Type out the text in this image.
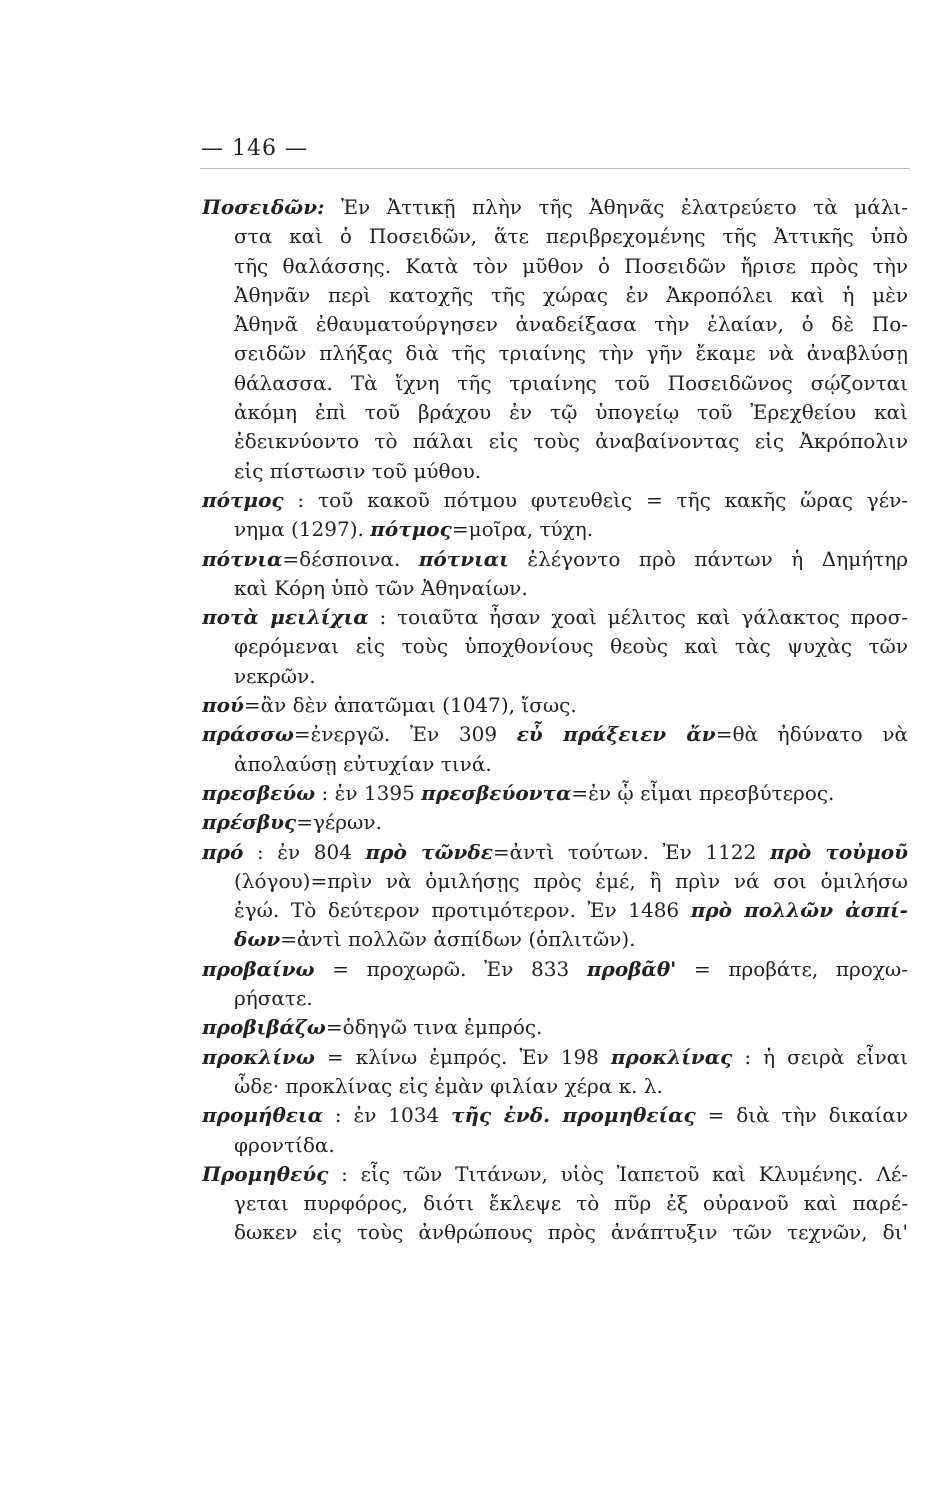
— 146 —
Ποσειδῶν: Ἐν Ἀττικῇ πλὴν τῆς Ἀθηνᾶς ἐλατρεύετο τὰ μάλι-
στα καὶ ὁ Ποσειδῶν, ἅτε περιβρεχομένης τῆς Ἀττικῆς ὑπὸ
τῆς θαλάσσης. Κατὰ τὸν μῦθον ὁ Ποσειδῶν ἤρισε πρὸς τὴν
Ἀθηνᾶν περὶ κατοχῆς τῆς χώρας ἐν Ἀκροπόλει καὶ ἡ μὲν
Ἀθηνᾶ ἐθαυματούργησεν ἀναδείξασα τὴν ἐλαίαν, ὁ δὲ Πο-
σειδῶν πλήξας διὰ τῆς τριαίνης τὴν γῆν ἔκαμε νὰ ἀναβλύσῃ
θάλασσα. Τὰ ἴχνη τῆς τριαίνης τοῦ Ποσειδῶνος σῴζονται
ἀκόμη ἐπὶ τοῦ βράχου ἐν τῷ ὑπογείῳ τοῦ Ἐρεχθείου καὶ
ἐδεικνύοντο τὸ πάλαι εἰς τοὺς ἀναβαίνοντας εἰς Ἀκρόπολιν
εἰς πίστωσιν τοῦ μύθου.
πότμος : τοῦ κακοῦ πότμου φυτευθεὶς = τῆς κακῆς ὥρας γέν-
νημα (1297). πότμος=μοῖρα, τύχη.
πότνια=δέσποινα. πότνιαι ἐλέγοντο πρὸ πάντων ἡ Δημήτηρ
καὶ Κόρη ὑπὸ τῶν Ἀθηναίων.
ποτὰ μειλίχια : τοιαῦτα ἦσαν χοαὶ μέλιτος καὶ γάλακτος προσ-
φερόμεναι εἰς τοὺς ὑποχθονίους θεοὺς καὶ τὰς ψυχὰς τῶν
νεκρῶν.
πού=ἂν δὲν ἀπατῶμαι (1047), ἴσως.
πράσσω=ἐνεργῶ. Ἐν 309 εὖ πράξειεν ἄν=θὰ ἠδύνατο νὰ
ἀπολαύσῃ εὐτυχίαν τινά.
πρεσβεύω : ἐν 1395 πρεσβεύοντα=ἐν ᾧ εἶμαι πρεσβύτερος.
πρέσβυς=γέρων.
πρό : ἐν 804 πρὸ τῶνδε=ἀντὶ τούτων. Ἐν 1122 πρὸ τοὐμοῦ
(λόγου)=πρὶν νὰ ὁμιλήσῃς πρὸς ἐμέ, ἢ πρὶν νά σοι ὁμιλήσω
ἐγώ. Τὸ δεύτερον προτιμότερον. Ἐν 1486 πρὸ πολλῶν ἀσπί-
δων=ἀντὶ πολλῶν ἀσπίδων (ὁπλιτῶν).
προβαίνω = προχωρῶ. Ἐν 833 προβᾶθ' = προβάτε, προχω-
ρήσατε.
προβιβάζω=ὁδηγῶ τινα ἐμπρός.
προκλίνω = κλίνω ἐμπρός. Ἐν 198 προκλίνας : ἡ σειρὰ εἶναι
ὧδε· προκλίνας εἰς ἐμὰν φιλίαν χέρα κ. λ.
προμήθεια : ἐν 1034 τῆς ἐνδ. προμηθείας = διὰ τὴν δικαίαν
φροντίδα.
Προμηθεύς : εἷς τῶν Τιτάνων, υἱὸς Ἰαπετοῦ καὶ Κλυμένης. Λέ-
γεται πυρφόρος, διότι ἔκλεψε τὸ πῦρ ἐξ οὐρανοῦ καὶ παρέ-
δωκεν εἰς τοὺς ἀνθρώπους πρὸς ἀνάπτυξιν τῶν τεχνῶν, δι'
